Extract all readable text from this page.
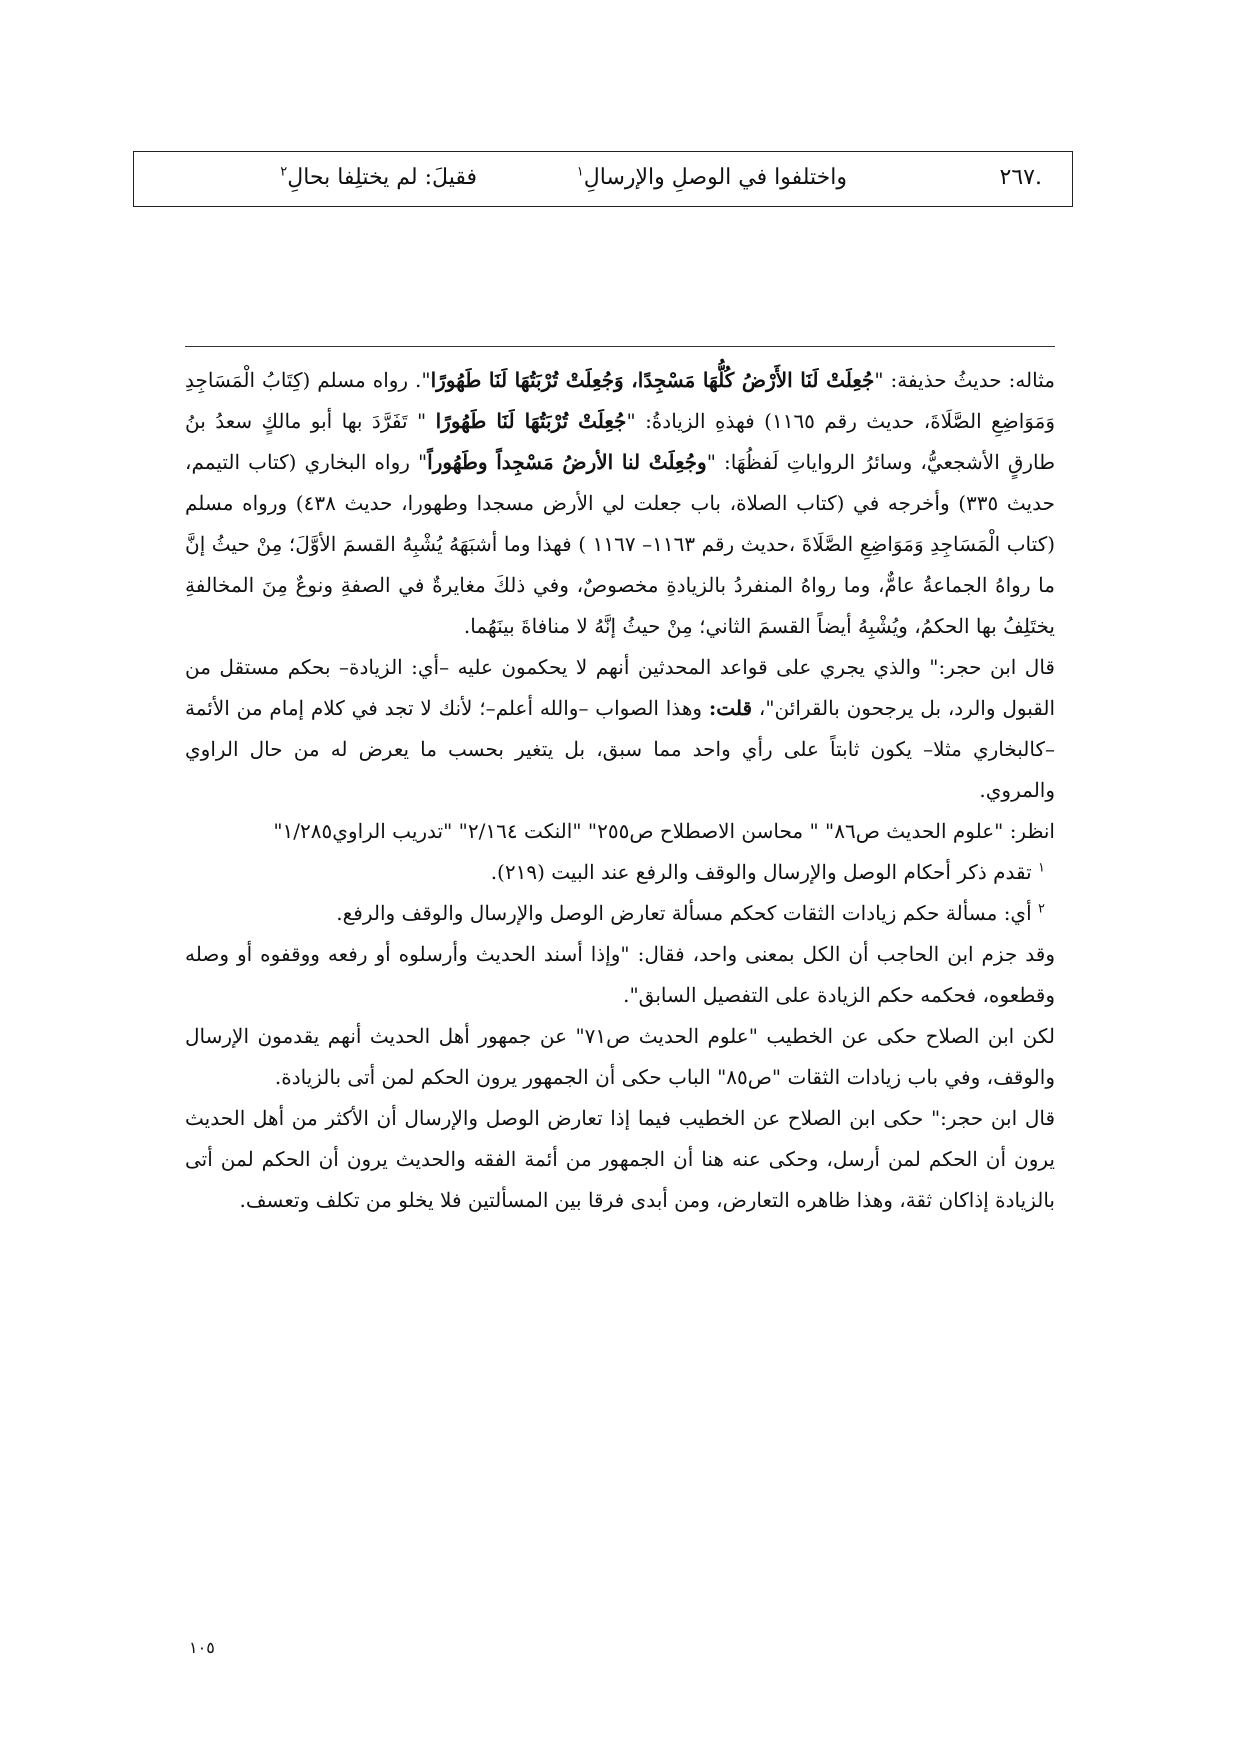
.٢٦٧
واختلفوا في الوصلِ والإرسالِ$^١$
فقيلَ: لم يختلِفا بحالِ$^٢$

مثاله: حديثُ حذيفة: "جُعِلَتْ لَنَا الأَرْضُ كُلُّهَا مَسْجِدًا، وَجُعِلَتْ تُرْبَتُهَا لَنَا طَهُورًا". رواه مسلم (كِتَابُ الْمَسَاجِدِ وَمَوَاضِعِ الصَّلَاةَ، حديث رقم ١١٦٥) فهذهِ الزيادةُ: "جُعِلَتْ تُرْبَتُهَا لَنَا طَهُورًا " تَفَرَّدَ بها أبو مالكٍ سعدُ بنُ طارقٍ الأشجعيُّ، وسائرُ الرواياتِ لَفظُهَا: "وجُعِلَتْ لنا الأرضُ مَسْجِداً وطَهُوراً" رواه البخاري (كتاب التيمم، حديث ٣٣٥) وأخرجه في (كتاب الصلاة، باب جعلت لي الأرض مسجدا وطهورا، حديث ٤٣٨) ورواه مسلم (كتاب الْمَسَاجِدِ وَمَوَاضِعِ الصَّلَاةَ ،حديث رقم ١١٦٣– ١١٦٧ ) فهذا وما أشبَهَهُ يُشْبِهُ القسمَ الأوَّلَ؛ مِنْ حيثُ إنَّ ما رواهُ الجماعةُ عامٌّ، وما رواهُ المنفردُ بالزيادةِ مخصوصٌ، وفي ذلكَ مغايرةٌ في الصفةِ ونوعٌ مِنَ المخالفةِ يختَلِفُ بها الحكمُ، ويُشْبِهُ أيضاً القسمَ الثاني؛ مِنْ حيثُ إنَّهُ لا منافاةَ بينَهُما.

قال ابن حجر:" والذي يجري على قواعد المحدثين أنهم لا يحكمون عليه –أي: الزيادة– بحكم مستقل من القبول والرد، بل يرجحون بالقرائن"، قلت: وهذا الصواب –والله أعلم–؛ لأنك لا تجد في كلام إمام من الأئمة –كالبخاري مثلا– يكون ثابتاً على رأي واحد مما سبق، بل يتغير بحسب ما يعرض له من حال الراوي والمروي.

انظر: "علوم الحديث ص٨٦" " محاسن الاصطلاح ص٢٥٥" "النكت ٢/١٦٤" "تدريب الراوي١/٢٨٥"

$^١$ تقدم ذكر أحكام الوصل والإرسال والوقف والرفع عند البيت (٢١٩).

$^٢$ أي: مسألة حكم زيادات الثقات كحكم مسألة تعارض الوصل والإرسال والوقف والرفع.

وقد جزم ابن الحاجب أن الكل بمعنى واحد، فقال: "وإذا أسند الحديث وأرسلوه أو رفعه ووقفوه أو وصله وقطعوه، فحكمه حكم الزيادة على التفصيل السابق".

لكن ابن الصلاح حكى عن الخطيب "علوم الحديث ص٧١" عن جمهور أهل الحديث أنهم يقدمون الإرسال والوقف، وفي باب زيادات الثقات "ص٨٥" الباب حكى أن الجمهور يرون الحكم لمن أتى بالزيادة.

قال ابن حجر:" حكى ابن الصلاح عن الخطيب فيما إذا تعارض الوصل والإرسال أن الأكثر من أهل الحديث يرون أن الحكم لمن أرسل، وحكى عنه هنا أن الجمهور من أئمة الفقه والحديث يرون أن الحكم لمن أتى بالزيادة إذاكان ثقة، وهذا ظاهره التعارض، ومن أبدى فرقا بين المسألتين فلا يخلو من تكلف وتعسف.

١٠٥
